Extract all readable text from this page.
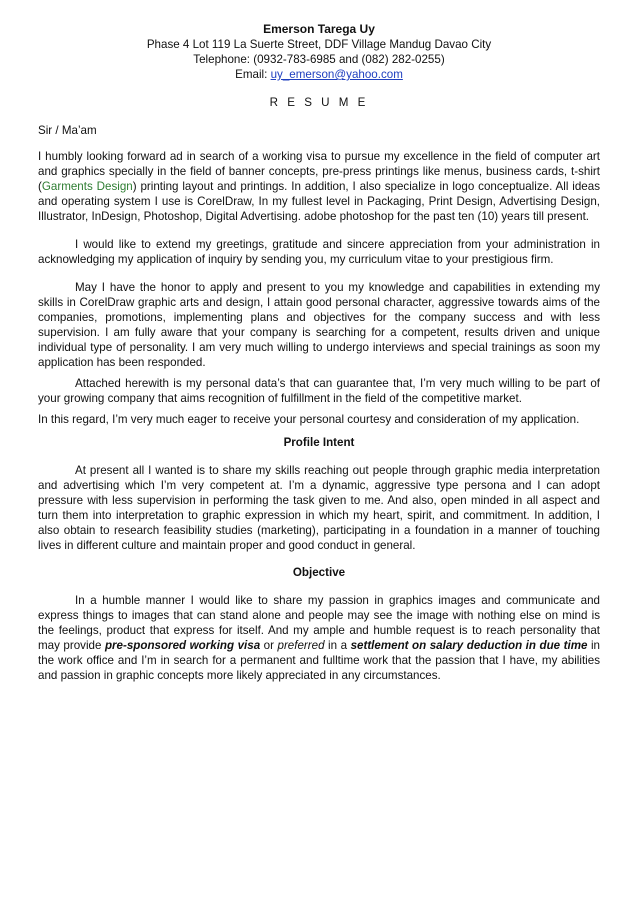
Emerson Tarega Uy
Phase 4 Lot 119 La Suerte Street, DDF Village Mandug Davao City
Telephone: (0932-783-6985 and (082) 282-0255)
Email: uy_emerson@yahoo.com
R E S U M E
Sir / Ma’am
I humbly looking forward ad in search of a working visa to pursue my excellence in the field of computer art and graphics specially in the field of banner concepts, pre-press printings like menus, business cards, t-shirt (Garments Design) printing layout and printings. In addition, I also specialize in logo conceptualize. All ideas and operating system I use is CorelDraw, In my fullest level in Packaging, Print Design, Advertising Design, Illustrator, InDesign, Photoshop, Digital Advertising. adobe photoshop for the past ten (10) years till present.
I would like to extend my greetings, gratitude and sincere appreciation from your administration in acknowledging my application of inquiry by sending you, my curriculum vitae to your prestigious firm.
May I have the honor to apply and present to you my knowledge and capabilities in extending my skills in CorelDraw graphic arts and design, I attain good personal character, aggressive towards aims of the companies, promotions, implementing plans and objectives for the company success and with less supervision. I am fully aware that your company is searching for a competent, results driven and unique individual type of personality. I am very much willing to undergo interviews and special trainings as soon my application has been responded.
Attached herewith is my personal data’s that can guarantee that, I’m very much willing to be part of your growing company that aims recognition of fulfillment in the field of the competitive market.
In this regard, I’m very much eager to receive your personal courtesy and consideration of my application.
Profile Intent
At present all I wanted is to share my skills reaching out people through graphic media interpretation and advertising which I’m very competent at. I’m a dynamic, aggressive type persona and I can adopt pressure with less supervision in performing the task given to me. And also, open minded in all aspect and turn them into interpretation to graphic expression in which my heart, spirit, and commitment. In addition, I also obtain to research feasibility studies (marketing), participating in a foundation in a manner of touching lives in different culture and maintain proper and good conduct in general.
Objective
In a humble manner I would like to share my passion in graphics images and communicate and express things to images that can stand alone and people may see the image with nothing else on mind is the feelings, product that express for itself. And my ample and humble request is to reach personality that may provide pre-sponsored working visa or preferred in a settlement on salary deduction in due time in the work office and I’m in search for a permanent and fulltime work that the passion that I have, my abilities and passion in graphic concepts more likely appreciated in any circumstances.
